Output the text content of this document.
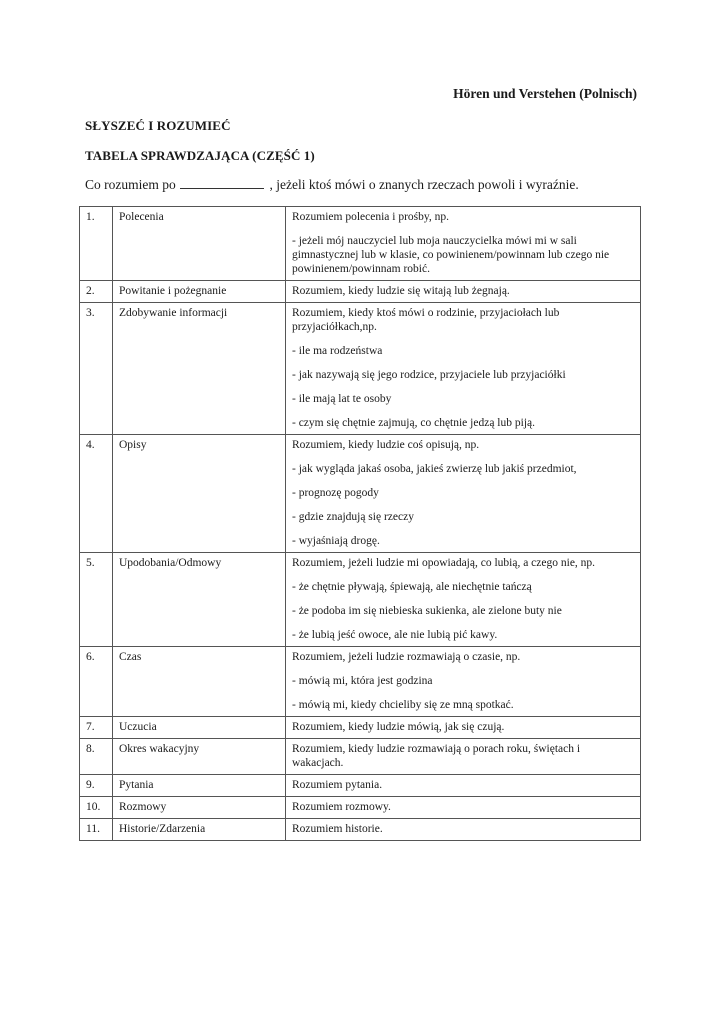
Hören und Verstehen (Polnisch)
SŁYSZEĆ I ROZUMIEĆ
TABELA SPRAWDZAJĄCA (CZĘŚĆ 1)
Co rozumiem po	, jeżeli ktoś mówi o znanych rzeczach powoli i wyraźnie.
1.	Polecenia	Rozumiem polecenia i prośby, np.

- jeżeli mój nauczyciel lub moja nauczycielka mówi mi w sali gimnastycznej lub w klasie, co powinienem/powinnam lub czego nie powinienem/powinnam robić.

2.	Powitanie i pożegnanie	Rozumiem, kiedy ludzie się witają lub żegnają.

3.	Zdobywanie informacji	Rozumiem, kiedy ktoś mówi o rodzinie, przyjaciołach lub przyjaciółkach,np.

- ile ma rodzeństwa

- jak nazywają się jego rodzice, przyjaciele lub przyjaciółki

- ile mają lat te osoby

- czym się chętnie zajmują, co chętnie jedzą lub piją.

4.	Opisy	Rozumiem, kiedy ludzie coś opisują, np.

- jak wygląda jakaś osoba, jakieś zwierzę lub jakiś przedmiot,

- prognozę pogody

- gdzie znajdują się rzeczy

- wyjaśniają drogę.

5.	Upodobania/Odmowy	Rozumiem, jeżeli ludzie mi opowiadają, co lubią, a czego nie, np.

- że chętnie pływają, śpiewają, ale niechętnie tańczą

- że podoba im się niebieska sukienka, ale zielone buty nie

- że lubią jeść owoce, ale nie lubią pić kawy.

6.	Czas	Rozumiem, jeżeli ludzie rozmawiają o czasie, np.

- mówią mi, która jest godzina

- mówią mi, kiedy chcieliby się ze mną spotkać.

7.	Uczucia	Rozumiem, kiedy ludzie mówią, jak się czują.

8.	Okres wakacyjny	Rozumiem, kiedy ludzie rozmawiają o porach roku, świętach i wakacjach.

9.	Pytania	Rozumiem pytania.

10.	Rozmowy	Rozumiem rozmowy.

11.	Historie/Zdarzenia	Rozumiem historie.
